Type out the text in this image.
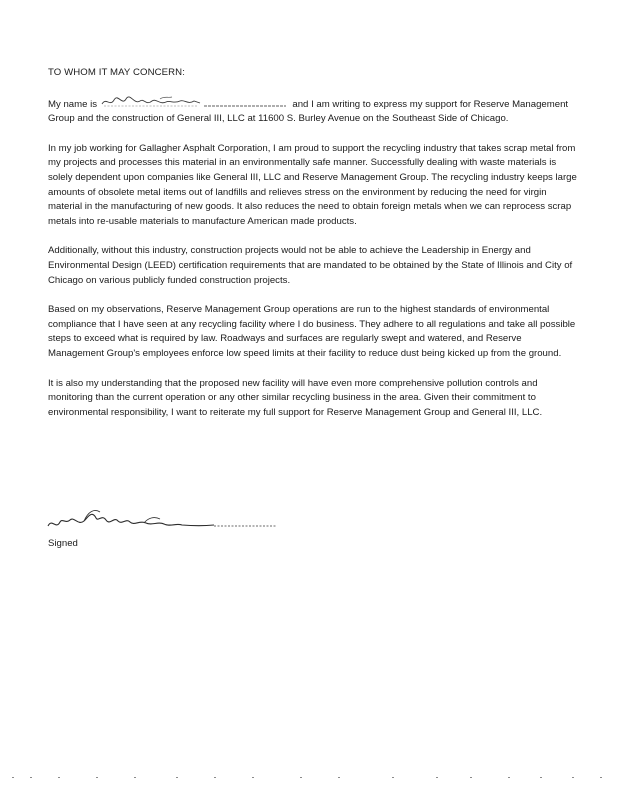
TO WHOM IT MAY CONCERN:
My name is	and I am writing to express my support for Reserve Management Group and the construction of General III, LLC at 11600 S. Burley Avenue on the Southeast Side of Chicago.
In my job working for Gallagher Asphalt Corporation, I am proud to support the recycling industry that takes scrap metal from my projects and processes this material in an environmentally safe manner. Successfully dealing with waste materials is solely dependent upon companies like General III, LLC and Reserve Management Group. The recycling industry keeps large amounts of obsolete metal items out of landfills and relieves stress on the environment by reducing the need for virgin material in the manufacturing of new goods. It also reduces the need to obtain foreign metals when we can reprocess scrap metals into re-usable materials to manufacture American made products.
Additionally, without this industry, construction projects would not be able to achieve the Leadership in Energy and Environmental Design (LEED) certification requirements that are mandated to be obtained by the State of Illinois and City of Chicago on various publicly funded construction projects.
Based on my observations, Reserve Management Group operations are run to the highest standards of environmental compliance that I have seen at any recycling facility where I do business. They adhere to all regulations and take all possible steps to exceed what is required by law. Roadways and surfaces are regularly swept and watered, and Reserve Management Group's employees enforce low speed limits at their facility to reduce dust being kicked up from the ground.
It is also my understanding that the proposed new facility will have even more comprehensive pollution controls and monitoring than the current operation or any other similar recycling business in the area. Given their commitment to environmental responsibility, I want to reiterate my full support for Reserve Management Group and General III, LLC.
Signed
